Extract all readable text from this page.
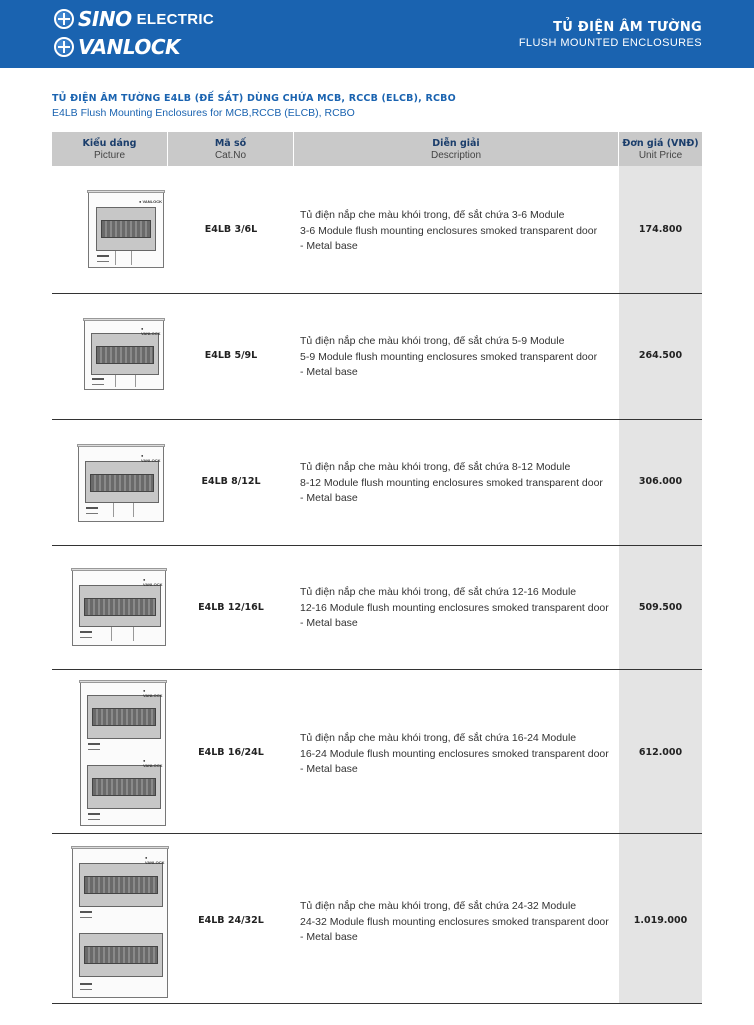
SINO ELECTRIC
VANLOCK
TỦ ĐIỆN ÂM TƯỜNG
FLUSH MOUNTED ENCLOSURES
TỦ ĐIỆN ÂM TƯỜNG E4LB (ĐẾ SẮT) DÙNG CHỨA MCB, RCCB (ELCB), RCBO
E4LB Flush Mounting Enclosures for MCB,RCCB (ELCB), RCBO
Kiểu dáng
Picture
Mã số
Cat.No
Diễn giải
Description
Đơn giá (VNĐ)
Unit Price
● VANLOCK
E4LB 3/6L
Tủ điện nắp che màu khói trong, đế sắt chứa 3-6 Module
3-6 Module flush mounting enclosures smoked transparent door
- Metal base
174.800
● VANLOCK
E4LB 5/9L
Tủ điện nắp che màu khói trong, đế sắt chứa 5-9 Module
5-9 Module flush mounting enclosures smoked transparent door
- Metal base
264.500
● VANLOCK
E4LB 8/12L
Tủ điện nắp che màu khói trong, đế sắt chứa 8-12 Module
8-12 Module flush mounting enclosures smoked transparent door
- Metal base
306.000
● VANLOCK
E4LB 12/16L
Tủ điện nắp che màu khói trong, đế sắt chứa 12-16 Module
12-16 Module flush mounting enclosures smoked transparent door
- Metal base
509.500
● VANLOCK
● VANLOCK
E4LB 16/24L
Tủ điện nắp che màu khói trong, đế sắt chứa 16-24 Module
16-24 Module flush mounting enclosures smoked transparent door
- Metal base
612.000
● VANLOCK
E4LB 24/32L
Tủ điện nắp che màu khói trong, đế sắt chứa 24-32 Module
24-32 Module flush mounting enclosures smoked transparent door
- Metal base
1.019.000
